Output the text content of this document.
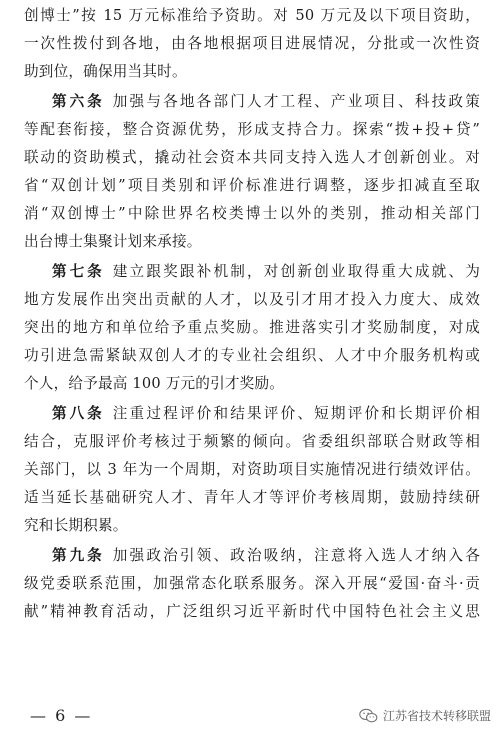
创博士”按 15 万元标准给予资助。对 50 万元及以下项目资助，
一次性拨付到各地，由各地根据项目进展情况，分批或一次性资
助到位，确保用当其时。
第六条 加强与各地各部门人才工程、产业项目、科技政策
等配套衔接，整合资源优势，形成支持合力。探索“拨+投+贷”
联动的资助模式，撬动社会资本共同支持入选人才创新创业。对
省“双创计划”项目类别和评价标准进行调整，逐步扣减直至取
消“双创博士”中除世界名校类博士以外的类别，推动相关部门
出台博士集聚计划来承接。
第七条 建立跟奖跟补机制，对创新创业取得重大成就、为
地方发展作出突出贡献的人才，以及引才用才投入力度大、成效
突出的地方和单位给予重点奖励。推进落实引才奖励制度，对成
功引进急需紧缺双创人才的专业社会组织、人才中介服务机构或
个人，给予最高 100 万元的引才奖励。
第八条 注重过程评价和结果评价、短期评价和长期评价相
结合，克服评价考核过于频繁的倾向。省委组织部联合财政等相
关部门，以 3 年为一个周期，对资助项目实施情况进行绩效评估。
适当延长基础研究人才、青年人才等评价考核周期，鼓励持续研
究和长期积累。
第九条 加强政治引领、政治吸纳，注意将入选人才纳入各
级党委联系范围，加强常态化联系服务。深入开展“爱国·奋斗·贡
献”精神教育活动，广泛组织习近平新时代中国特色社会主义思
— 6 —	江苏省技术转移联盟
